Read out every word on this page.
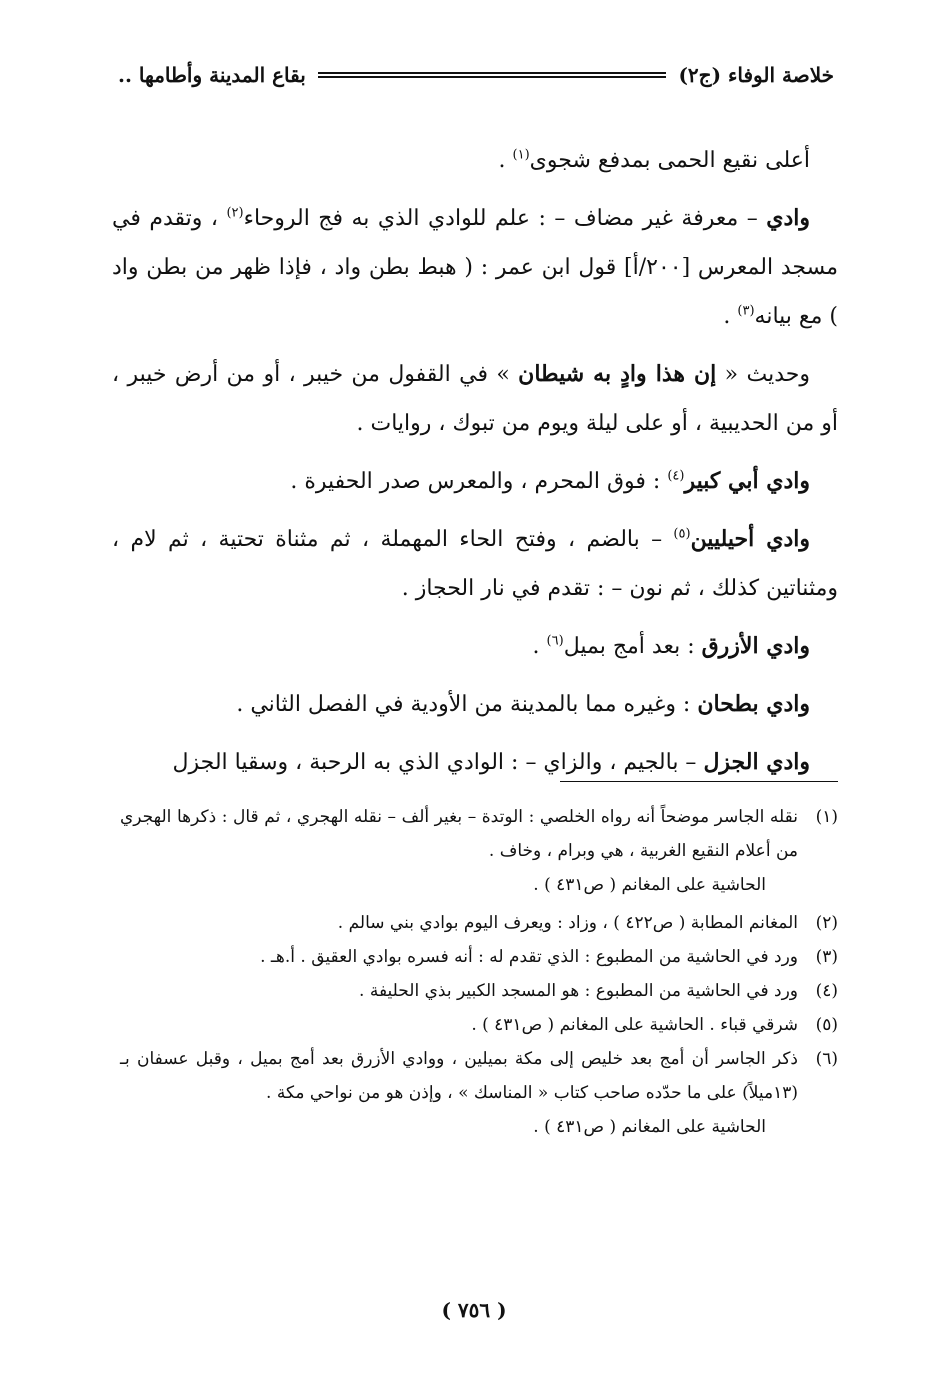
خلاصة الوفاء (ج٢)
بقاع المدينة وأطامها ..

أعلى نقيع الحمى بمدفع شجوى$^{(١)}$ .

وادي – معرفة غير مضاف – : علم للوادي الذي به فج الروحاء$^{(٢)}$ ، وتقدم في مسجد المعرس [٢٠٠/أ] قول ابن عمر : ( هبط بطن واد ، فإذا ظهر من بطن واد ) مع بيانه$^{(٣)}$ .

وحديث « إن هذا وادٍ به شيطان » في القفول من خيبر ، أو من أرض خيبر ، أو من الحديبية ، أو على ليلة ويوم من تبوك ، روايات .

وادي أبي كبير$^{(٤)}$ : فوق المحرم ، والمعرس صدر الحفيرة .

وادي أحيليين$^{(٥)}$ – بالضم ، وفتح الحاء المهملة ، ثم مثناة تحتية ، ثم لام ، ومثناتين كذلك ، ثم نون – : تقدم في نار الحجاز .

وادي الأزرق : بعد أمج بميل$^{(٦)}$ .

وادي بطحان : وغيره مما بالمدينة من الأودية في الفصل الثاني .

وادي الجزل – بالجيم ، والزاي – : الوادي الذي به الرحبة ، وسقيا الجزل

(١)
نقله الجاسر موضحاً أنه رواه الخلصي : الوتدة – بغير ألف – نقله الهجري ، ثم قال : ذكرها الهجري من أعلام النقيع الغربية ، هي وبرام ، وخاف .

الحاشية على المغانم ( ص٤٣١ ) .

(٢)
المغانم المطابة ( ص٤٢٢ ) ، وزاد : ويعرف اليوم بوادي بني سالم .

(٣)
ورد في الحاشية من المطبوع : الذي تقدم له : أنه فسره بوادي العقيق . أ.هـ .

(٤)
ورد في الحاشية من المطبوع : هو المسجد الكبير بذي الحليفة .

(٥)
شرقي قباء . الحاشية على المغانم ( ص٤٣١ ) .

(٦)
ذكر الجاسر أن أمج بعد خليص إلى مكة بميلين ، ووادي الأزرق بعد أمج بميل ، وقبل عسفان بـ (١٣ميلاً) على ما حدّده صاحب كتاب « المناسك » ، وإذن هو من نواحي مكة .

الحاشية على المغانم ( ص٤٣١ ) .

( ٧٥٦ )
